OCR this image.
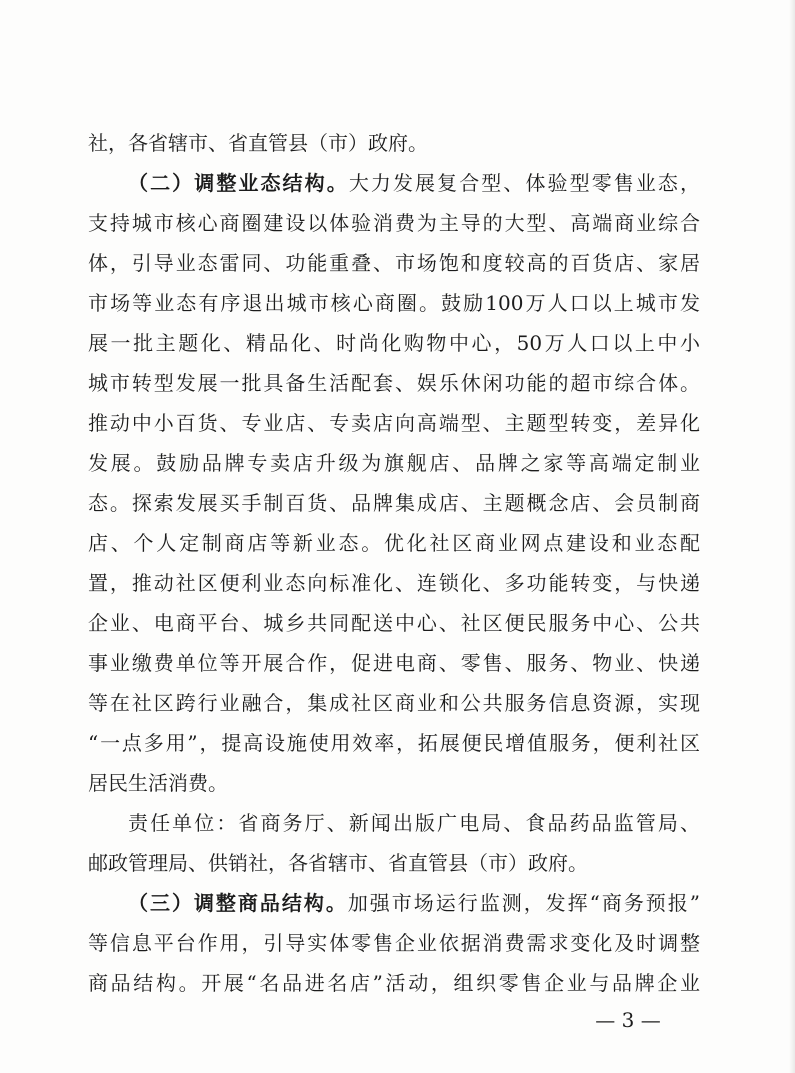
社，各省辖市、省直管县（市）政府。
（二）调整业态结构。大力发展复合型、体验型零售业态，
支持城市核心商圈建设以体验消费为主导的大型、高端商业综合
体，引导业态雷同、功能重叠、市场饱和度较高的百货店、家居
市场等业态有序退出城市核心商圈。鼓励100万人口以上城市发
展一批主题化、精品化、时尚化购物中心，50万人口以上中小
城市转型发展一批具备生活配套、娱乐休闲功能的超市综合体。
推动中小百货、专业店、专卖店向高端型、主题型转变，差异化
发展。鼓励品牌专卖店升级为旗舰店、品牌之家等高端定制业
态。探索发展买手制百货、品牌集成店、主题概念店、会员制商
店、个人定制商店等新业态。优化社区商业网点建设和业态配
置，推动社区便利业态向标准化、连锁化、多功能转变，与快递
企业、电商平台、城乡共同配送中心、社区便民服务中心、公共
事业缴费单位等开展合作，促进电商、零售、服务、物业、快递
等在社区跨行业融合，集成社区商业和公共服务信息资源，实现
“一点多用”，提高设施使用效率，拓展便民增值服务，便利社区
居民生活消费。
责任单位：省商务厅、新闻出版广电局、食品药品监管局、
邮政管理局、供销社，各省辖市、省直管县（市）政府。
（三）调整商品结构。加强市场运行监测，发挥“商务预报”
等信息平台作用，引导实体零售企业依据消费需求变化及时调整
商品结构。开展“名品进名店”活动，组织零售企业与品牌企业
— 3 —
